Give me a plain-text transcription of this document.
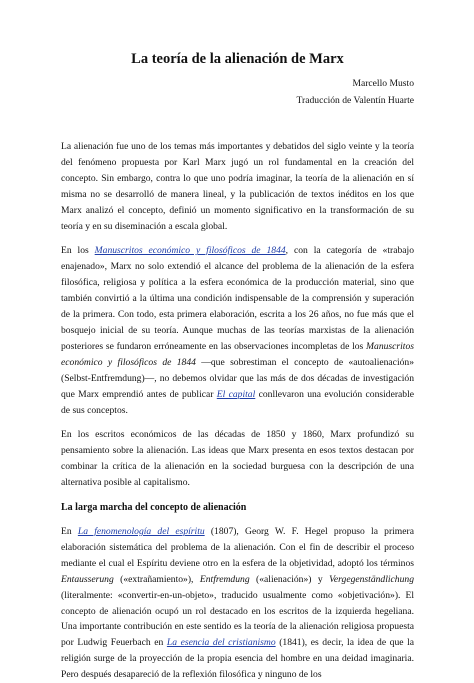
La teoría de la alienación de Marx
Marcello Musto
Traducción de Valentín Huarte

La alienación fue uno de los temas más importantes y debatidos del siglo veinte y la teoría del fenómeno propuesta por Karl Marx jugó un rol fundamental en la creación del concepto. Sin embargo, contra lo que uno podría imaginar, la teoría de la alienación en sí misma no se desarrolló de manera lineal, y la publicación de textos inéditos en los que Marx analizó el concepto, definió un momento significativo en la transformación de su teoría y en su diseminación a escala global.

En los Manuscritos económico y filosóficos de 1844, con la categoría de «trabajo enajenado», Marx no solo extendió el alcance del problema de la alienación de la esfera filosófica, religiosa y política a la esfera económica de la producción material, sino que también convirtió a la última una condición indispensable de la comprensión y superación de la primera. Con todo, esta primera elaboración, escrita a los 26 años, no fue más que el bosquejo inicial de su teoría. Aunque muchas de las teorías marxistas de la alienación posteriores se fundaron erróneamente en las observaciones incompletas de los Manuscritos económico y filosóficos de 1844 —que sobrestiman el concepto de «autoalienación» (Selbst-Entfremdung)—, no debemos olvidar que las más de dos décadas de investigación que Marx emprendió antes de publicar El capital conllevaron una evolución considerable de sus conceptos.

En los escritos económicos de las décadas de 1850 y 1860, Marx profundizó su pensamiento sobre la alienación. Las ideas que Marx presenta en esos textos destacan por combinar la crítica de la alienación en la sociedad burguesa con la descripción de una alternativa posible al capitalismo.

La larga marcha del concepto de alienación

En La fenomenología del espíritu (1807), Georg W. F. Hegel propuso la primera elaboración sistemática del problema de la alienación. Con el fin de describir el proceso mediante el cual el Espíritu deviene otro en la esfera de la objetividad, adoptó los términos Entausserung («extrañamiento»), Entfremdung («alienación») y Vergegenständlichung (literalmente: «convertir-en-un-objeto», traducido usualmente como «objetivación»). El concepto de alienación ocupó un rol destacado en los escritos de la izquierda hegeliana. Una importante contribución en este sentido es la teoría de la alienación religiosa propuesta por Ludwig Feuerbach en La esencia del cristianismo (1841), es decir, la idea de que la religión surge de la proyección de la propia esencia del hombre en una deidad imaginaria. Pero después desapareció de la reflexión filosófica y ninguno de los
